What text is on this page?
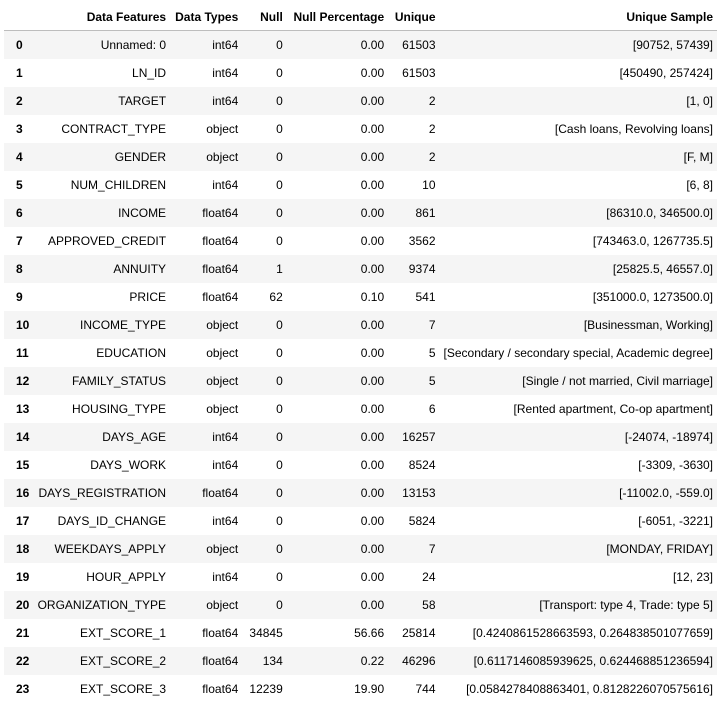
	Data Features	Data Types	Null	Null Percentage	Unique	Unique Sample
0	Unnamed: 0	int64	0	0.00	61503	[90752, 57439]
1	LN_ID	int64	0	0.00	61503	[450490, 257424]
2	TARGET	int64	0	0.00	2	[1, 0]
3	CONTRACT_TYPE	object	0	0.00	2	[Cash loans, Revolving loans]
4	GENDER	object	0	0.00	2	[F, M]
5	NUM_CHILDREN	int64	0	0.00	10	[6, 8]
6	INCOME	float64	0	0.00	861	[86310.0, 346500.0]
7	APPROVED_CREDIT	float64	0	0.00	3562	[743463.0, 1267735.5]
8	ANNUITY	float64	1	0.00	9374	[25825.5, 46557.0]
9	PRICE	float64	62	0.10	541	[351000.0, 1273500.0]
10	INCOME_TYPE	object	0	0.00	7	[Businessman, Working]
11	EDUCATION	object	0	0.00	5	[Secondary / secondary special, Academic degree]
12	FAMILY_STATUS	object	0	0.00	5	[Single / not married, Civil marriage]
13	HOUSING_TYPE	object	0	0.00	6	[Rented apartment, Co-op apartment]
14	DAYS_AGE	int64	0	0.00	16257	[-24074, -18974]
15	DAYS_WORK	int64	0	0.00	8524	[-3309, -3630]
16	DAYS_REGISTRATION	float64	0	0.00	13153	[-11002.0, -559.0]
17	DAYS_ID_CHANGE	int64	0	0.00	5824	[-6051, -3221]
18	WEEKDAYS_APPLY	object	0	0.00	7	[MONDAY, FRIDAY]
19	HOUR_APPLY	int64	0	0.00	24	[12, 23]
20	ORGANIZATION_TYPE	object	0	0.00	58	[Transport: type 4, Trade: type 5]
21	EXT_SCORE_1	float64	34845	56.66	25814	[0.4240861528663593, 0.264838501077659]
22	EXT_SCORE_2	float64	134	0.22	46296	[0.6117146085939625, 0.624468851236594]
23	EXT_SCORE_3	float64	12239	19.90	744	[0.0584278408863401, 0.8128226070575616]
